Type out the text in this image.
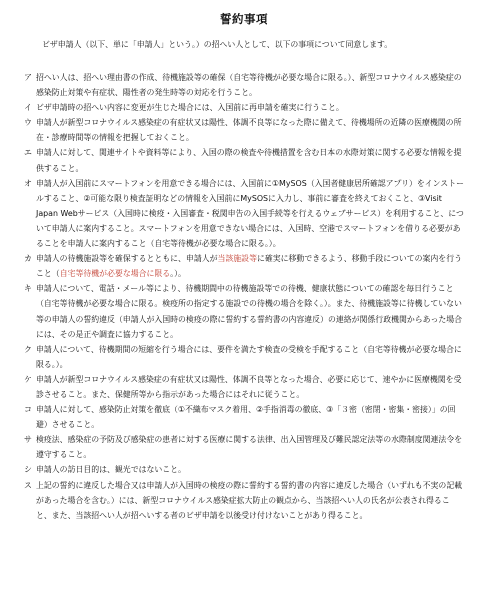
誓約事項

ビザ申請人（以下、単に「申請人」という。）の招へい人として、以下の事項について同意します。

ア 招へい人は、招へい理由書の作成、待機施設等の確保（自宅等待機が必要な場合に限る。）、新型コロナウイルス感染症の感染防止対策や有症状、陽性者の発生時等の対応を行うこと。
イ ビザ申請時の招へい内容に変更が生じた場合には、入国前に再申請を確実に行うこと。
ウ 申請人が新型コロナウイルス感染症の有症状又は陽性、体調不良等になった際に備えて、待機場所の近隣の医療機関の所在・診療時間等の情報を把握しておくこと。
エ 申請人に対して、関連サイトや資料等により、入国の際の検査や待機措置を含む日本の水際対策に関する必要な情報を提供すること。
オ 申請人が入国前にスマートフォンを用意できる場合には、入国前に①MySOS（入国者健康居所確認アプリ）をインストールすること、②可能な限り検査証明などの情報を入国前にMySOSに入力し、事前に審査を終えておくこと、③Visit Japan Webサービス（入国時に検疫・入国審査・税関申告の入国手続等を行えるウェブサービス）を利用すること、について申請人に案内すること。スマートフォンを用意できない場合には、入国時、空港でスマートフォンを借りる必要があることを申請人に案内すること（自宅等待機が必要な場合に限る。）。
カ 申請人の待機施設等を確保するとともに、申請人が当該施設等に確実に移動できるよう、移動手段についての案内を行うこと（自宅等待機が必要な場合に限る。）。
キ 申請人について、電話・メール等により、待機期間中の待機施設等での待機、健康状態についての確認を毎日行うこと（自宅等待機が必要な場合に限る。検疫所の指定する施設での待機の場合を除く。）。また、待機施設等に待機していない等の申請人の誓約違反（申請人が入国時の検疫の際に誓約する誓約書の内容違反）の連絡が関係行政機関からあった場合には、その是正や調査に協力すること。
ク 申請人について、待機期間の短縮を行う場合には、要件を満たす検査の受検を手配すること（自宅等待機が必要な場合に限る。）。
ケ 申請人が新型コロナウイルス感染症の有症状又は陽性、体調不良等となった場合、必要に応じて、速やかに医療機関を受診させること。また、保健所等から指示があった場合にはそれに従うこと。
コ 申請人に対して、感染防止対策を徹底（①不織布マスク着用、②手指消毒の徹底、③「３密（密閉・密集・密接）」の回避）させること。
サ 検疫法、感染症の予防及び感染症の患者に対する医療に関する法律、出入国管理及び難民認定法等の水際制度関連法令を遵守すること。
シ 申請人の訪日目的は、観光ではないこと。
ス 上記の誓約に違反した場合又は申請人が入国時の検疫の際に誓約する誓約書の内容に違反した場合（いずれも不実の記載があった場合を含む。）には、新型コロナウイルス感染症拡大防止の観点から、当該招へい人の氏名が公表され得ること、また、当該招へい人が招へいする者のビザ申請を以後受け付けないことがあり得ること。
